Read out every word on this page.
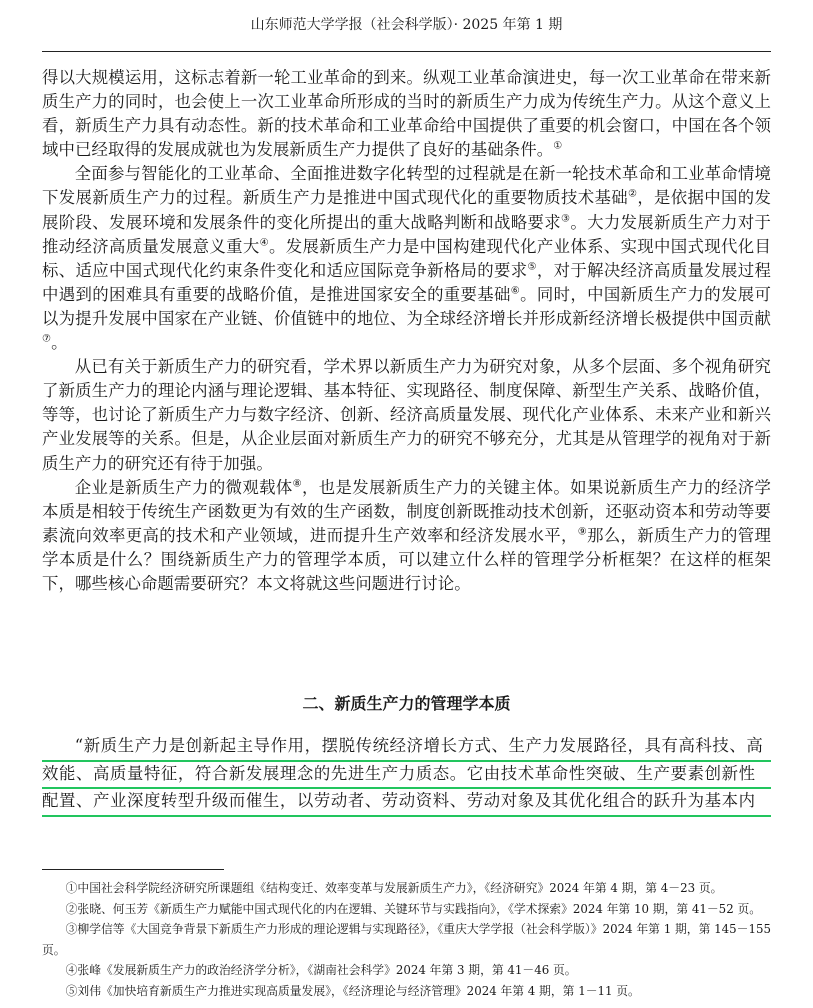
山东师范大学学报（社会科学版）· 2025 年第 1 期

得以大规模运用，这标志着新一轮工业革命的到来。纵观工业革命演进史，每一次工业革命在带来新质生产力的同时，也会使上一次工业革命所形成的当时的新质生产力成为传统生产力。从这个意义上看，新质生产力具有动态性。新的技术革命和工业革命给中国提供了重要的机会窗口，中国在各个领域中已经取得的发展成就也为发展新质生产力提供了良好的基础条件。①

全面参与智能化的工业革命、全面推进数字化转型的过程就是在新一轮技术革命和工业革命情境下发展新质生产力的过程。新质生产力是推进中国式现代化的重要物质技术基础②，是依据中国的发展阶段、发展环境和发展条件的变化所提出的重大战略判断和战略要求③。大力发展新质生产力对于推动经济高质量发展意义重大④。发展新质生产力是中国构建现代化产业体系、实现中国式现代化目标、适应中国式现代化约束条件变化和适应国际竞争新格局的要求⑤，对于解决经济高质量发展过程中遇到的困难具有重要的战略价值，是推进国家安全的重要基础⑥。同时，中国新质生产力的发展可以为提升发展中国家在产业链、价值链中的地位、为全球经济增长并形成新经济增长极提供中国贡献⑦。

从已有关于新质生产力的研究看，学术界以新质生产力为研究对象，从多个层面、多个视角研究了新质生产力的理论内涵与理论逻辑、基本特征、实现路径、制度保障、新型生产关系、战略价值，等等，也讨论了新质生产力与数字经济、创新、经济高质量发展、现代化产业体系、未来产业和新兴产业发展等的关系。但是，从企业层面对新质生产力的研究不够充分，尤其是从管理学的视角对于新质生产力的研究还有待于加强。

企业是新质生产力的微观载体⑧，也是发展新质生产力的关键主体。如果说新质生产力的经济学本质是相较于传统生产函数更为有效的生产函数，制度创新既推动技术创新，还驱动资本和劳动等要素流向效率更高的技术和产业领域，进而提升生产效率和经济发展水平，⑨那么，新质生产力的管理学本质是什么？围绕新质生产力的管理学本质，可以建立什么样的管理学分析框架？在这样的框架下，哪些核心命题需要研究？本文将就这些问题进行讨论。

二、新质生产力的管理学本质
“新质生产力是创新起主导作用，摆脱传统经济增长方式、生产力发展路径，具有高科技、高
效能、高质量特征，符合新发展理念的先进生产力质态。它由技术革命性突破、生产要素创新性
配置、产业深度转型升级而催生，以劳动者、劳动资料、劳动对象及其优化组合的跃升为基本内

①中国社会科学院经济研究所课题组《结构变迁、效率变革与发展新质生产力》，《经济研究》2024 年第 4 期，第 4－23 页。

②张晓、何玉芳《新质生产力赋能中国式现代化的内在逻辑、关键环节与实践指向》，《学术探索》2024 年第 10 期，第 41－52 页。

③柳学信等《大国竞争背景下新质生产力形成的理论逻辑与实现路径》，《重庆大学学报（社会科学版）》2024 年第 1 期，第 145－155 页。

④张峰《发展新质生产力的政治经济学分析》，《湖南社会科学》2024 年第 3 期，第 41－46 页。

⑤刘伟《加快培育新质生产力推进实现高质量发展》，《经济理论与经济管理》2024 年第 4 期，第 1－11 页。
